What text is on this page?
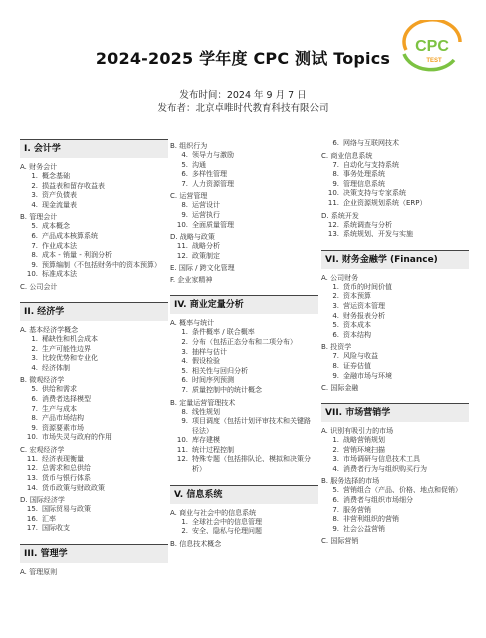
2024-2025 学年度 CPC 测试 Topics
发布时间：2024 年 9 月 7 日
发布者：北京卓唯时代教育科技有限公司
CPC
TEST
I. 会计学
A. 财务会计
1. 概念基础
2. 损益表和留存收益表
3. 资产负债表
4. 现金流量表
B. 管理会计
5. 成本概念
6. 产品成本核算系统
7. 作业成本法
8. 成本 - 销量 - 利润分析
9. 预算编制（不包括财务中的资本预算）
10. 标准成本法
C. 公司会计
II. 经济学
A. 基本经济学概念
1. 稀缺性和机会成本
2. 生产可能性边界
3. 比较优势和专业化
4. 经济体制
B. 微观经济学
5. 供给和需求
6. 消费者选择模型
7. 生产与成本
8. 产品市场结构
9. 资源要素市场
10. 市场失灵与政府的作用
C. 宏观经济学
11. 经济表现衡量
12. 总需求和总供给
13. 货币与银行体系
14. 货币政策与财政政策
D. 国际经济学
15. 国际贸易与政策
16. 汇率
17. 国际收支
III. 管理学
A. 管理原则
B. 组织行为
4. 领导力与激励
5. 沟通
6. 多样性管理
7. 人力资源管理
C. 运营管理
8. 运营设计
9. 运营执行
10. 全面质量管理
D. 战略与政策
11. 战略分析
12. 政策制定
E. 国际 / 跨文化管理
F. 企业家精神
IV. 商业定量分析
A. 概率与统计
1. 条件概率 / 联合概率
2. 分布（包括正态分布和二项分布）
3. 抽样与估计
4. 假设检验
5. 相关性与回归分析
6. 时间序列预测
7. 质量控制中的统计概念
B. 定量运营管理技术
8. 线性规划
9. 项目调度（包括计划评审技术和关键路径法）
10. 库存建模
11. 统计过程控制
12. 特殊专题（包括排队论、模拟和决策分析）
V. 信息系统
A. 商业与社会中的信息系统
1. 全球社会中的信息管理
2. 安全、隐私与伦理问题
B. 信息技术概念
6. 网络与互联网技术
C. 商业信息系统
7. 自动化与支持系统
8. 事务处理系统
9. 管理信息系统
10. 决策支持与专家系统
11. 企业资源规划系统（ERP）
D. 系统开发
12. 系统调查与分析
13. 系统规划、开发与实施
VI. 财务金融学 (Finance)
A. 公司财务
1. 货币的时间价值
2. 资本预算
3. 营运资本管理
4. 财务报表分析
5. 资本成本
6. 资本结构
B. 投资学
7. 风险与收益
8. 证券估值
9. 金融市场与环境
C. 国际金融
VII. 市场营销学
A. 识别有吸引力的市场
1. 战略营销规划
2. 营销环境扫描
3. 市场调研与信息技术工具
4. 消费者行为与组织购买行为
B. 服务选择的市场
5. 营销组合（产品、价格、地点和促销）
6. 消费者与组织市场细分
7. 服务营销
8. 非营利组织的营销
9. 社会公益营销
C. 国际营销
